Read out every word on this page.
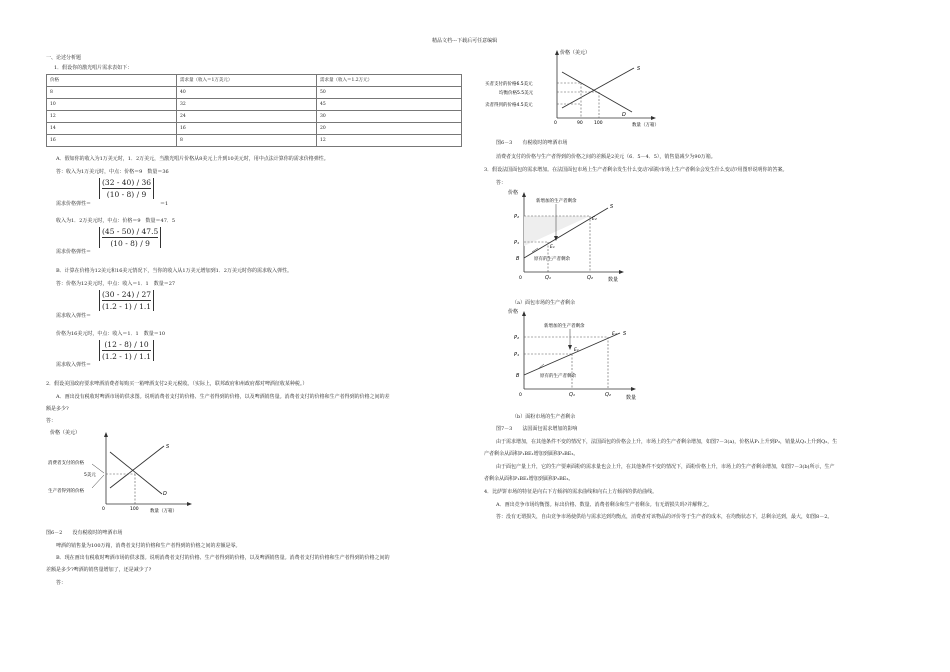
精品文档---下载后可任意编辑
一、论述分析题
1．假设你的激光唱片需求表如下：
价格	需求量（收入＝1万美元）	需求量（收入＝1.2万元）
8	40	50
10	32	45
12	24	30
14	16	20
16	8	12
A．假如你的收入为1万美元时，1．2万美元，当激光唱片价格从8美元上升到10美元时，用中点法计算你的需求价格弹性。
答：收入为1万美元时，中点：价格＝9　数量＝36
$\frac{(32 - 40) / 36}{(10 - 8) / 9}$
需求价格弹性＝	＝1
收入为1．2万美元时，中点：价格＝9　数量＝47．5
$\frac{(45 - 50) / 47.5}{(10 - 8) / 9}$
需求价格弹性＝
B．计算在价格为12美元和16美元情况下，当你的收入从1万美元增加到1．2万美元时你的需求收入弹性。
答：价格为12美元时，中点：收入＝1．1　数量＝27
$\frac{(30 - 24) / 27}{(1.2 - 1) / 1.1}$
需求收入弹性＝
价格为16美元时，中点：收入＝1．1　数量＝10
$\frac{(12 - 8) / 10}{(1.2 - 1) / 1.1}$
需求收入弹性＝
2．假设美国政府要求啤酒消费者每购买一箱啤酒支付2美元税收。（实际上，联邦政府和州政府都对啤酒征收某种税。）
A．画出没有税收时啤酒市场的供求图。说明消费者支付的价格、生产者得到的价格，以及啤酒销售量。消费者支付的价格和生产者得到的价格之间的差
额是多少?
答：
价格（美元）
消费者支付的价格
5美元
生产者得到的价格
S
D
0	100	数量（万箱）
图6－2　　没有税收时的啤酒市场
啤酒的销售量为100万箱，消费者支付的价格和生产者得到的价格之间的差额是零。
B．现在画出有税收时啤酒市场的供求图。说明消费者支付的价格、生产者得到的价格，以及啤酒销售量。消费者支付的价格和生产者得到的价格之间的
差额是多少?啤酒的销售量增加了，还是减少了?
答：
价格（美元）
买者支付的价格6.5美元
均衡价格5.5美元
卖者得到的价格4.5美元
S
D
0	90	100	数量（万箱）
图6－3　　有税收时的啤酒市场
消费者支付的价格与生产者得到的价格之间的差额是2美元（6．5－4．5），销售量减少为90万箱。
3．假设法国面包的需求增加。在法国面包市场上生产者剩余发生什么变动?面粉市场上生产者剩余会发生什么变动?用图形说明你的答案。
答：
价格
新增加的生产者剩余
原有的生产者剩余
P₂
P₁
B
E₁
E₂
S
0	Q₁	Q₂	数量
（a）面包市场的生产者剩余
价格
新增加的生产者剩余
原有的生产者剩余
P₂
P₁
B
E₁
E₂ S
0	Q₁	Q₂	数量
（b）面粉市场的生产者剩余
图7－3　　法国面包需求增加的影响
由于需求增加，在其他条件不变的情况下，法国面包的价格会上升，市场上的生产者剩余增加，如图7－3(a)，价格从P₁上升到P₂，销量从Q₁上升到Q₂，生
产者剩余从面积P₁BE₁增加到面积P₂BE₂。
由于面包产量上升，它的生产要素面粉的需求量也会上升，在其他条件不变的情况下，面粉价格上升，市场上的生产者剩余增加，如图7－3(b)所示，生产
者剩余从面积P₁BE₁增加到面积P₂BE₂。
4．比萨饼市场的特征是向右下方倾斜的需求曲线和向右上方倾斜的供给曲线。
A．画出竞争市场均衡图。标出价格、数量、消费者剩余和生产者剩余。有无谓损失吗?并解释之。
答：没有无谓损失，自由竞争市场使供给与需求达到均衡点，消费者对该物品的评价等于生产者的成本，在均衡状态下，总剩余达到，最大，如图8－2。
